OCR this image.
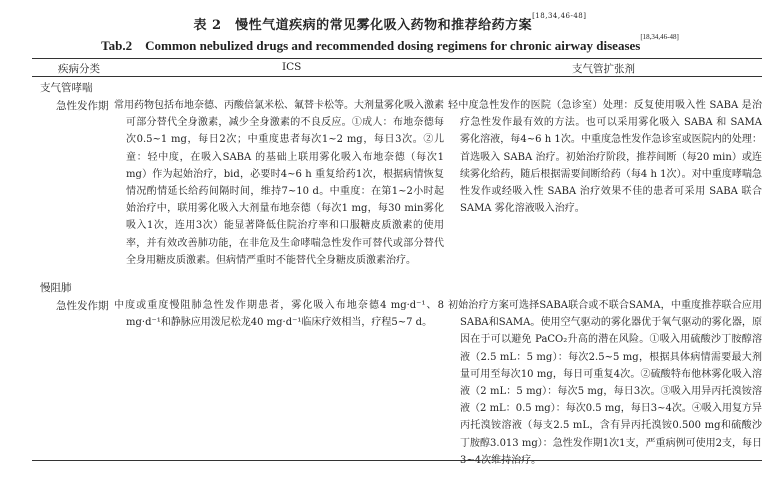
表 2　慢性气道疾病的常见雾化吸入药物和推荐给药方案[18,34,46-48]
Tab.2　Common nebulized drugs and recommended dosing regimens for chronic airway diseases[18,34,46-48]
疾病分类	ICS	支气管扩张剂
支气管哮喘
急性发作期 常用药物包括布地奈德、丙酸倍氯米松、氟替卡松等。大剂量雾化吸入激素可部分替代全身激素，减少全身激素的不良反应。①成人：布地奈德每次0.5~1 mg，每日2次；中重度患者每次1~2 mg，每日3次。②儿童：轻中度，在吸入SABA 的基础上联用雾化吸入布地奈德（每次1 mg）作为起始治疗，bid，必要时4~6 h 重复给药1次，根据病情恢复情况酌情延长给药间隔时间，维持7~10 d。中重度：在第1~2小时起始治疗中，联用雾化吸入大剂量布地奈德（每次1 mg，每30 min雾化吸入1次，连用3次）能显著降低住院治疗率和口服糖皮质激素的使用率，并有效改善肺功能，在非危及生命哮喘急性发作可替代或部分替代全身用糖皮质激素。但病情严重时不能替代全身糖皮质激素治疗。
轻中度急性发作的医院（急诊室）处理：反复使用吸入性 SABA 是治疗急性发作最有效的方法。也可以采用雾化吸入 SABA 和 SAMA 雾化溶液，每4~6 h 1次。中重度急性发作急诊室或医院内的处理：首选吸入 SABA 治疗。初始治疗阶段，推荐间断（每20 min）或连续雾化给药，随后根据需要间断给药（每4 h 1次）。对中重度哮喘急性发作或经吸入性 SABA 治疗效果不佳的患者可采用 SABA 联合 SAMA 雾化溶液吸入治疗。
慢阻肺
急性发作期 中度或重度慢阻肺急性发作期患者，雾化吸入布地奈德4 mg·d⁻¹、8 mg·d⁻¹和静脉应用泼尼松龙40 mg·d⁻¹临床疗效相当，疗程5~7 d。
初始治疗方案可选择SABA联合或不联合SAMA，中重度推荐联合应用SABA和SAMA。使用空气驱动的雾化器优于氧气驱动的雾化器，原因在于可以避免 PaCO₂升高的潜在风险。①吸入用硫酸沙丁胺醇溶液（2.5 mL：5 mg）：每次2.5~5 mg，根据具体病情需要最大剂量可用至每次10 mg，每日可重复4次。②硫酸特布他林雾化吸入溶液（2 mL：5 mg）：每次5 mg，每日3次。③吸入用异丙托溴铵溶液（2 mL：0.5 mg）：每次0.5 mg，每日3~4次。④吸入用复方异丙托溴铵溶液（每支2.5 mL，含有异丙托溴铵0.500 mg和硫酸沙丁胺醇3.013 mg）：急性发作期1次1支，严重病例可使用2支，每日3~4次维持治疗。
